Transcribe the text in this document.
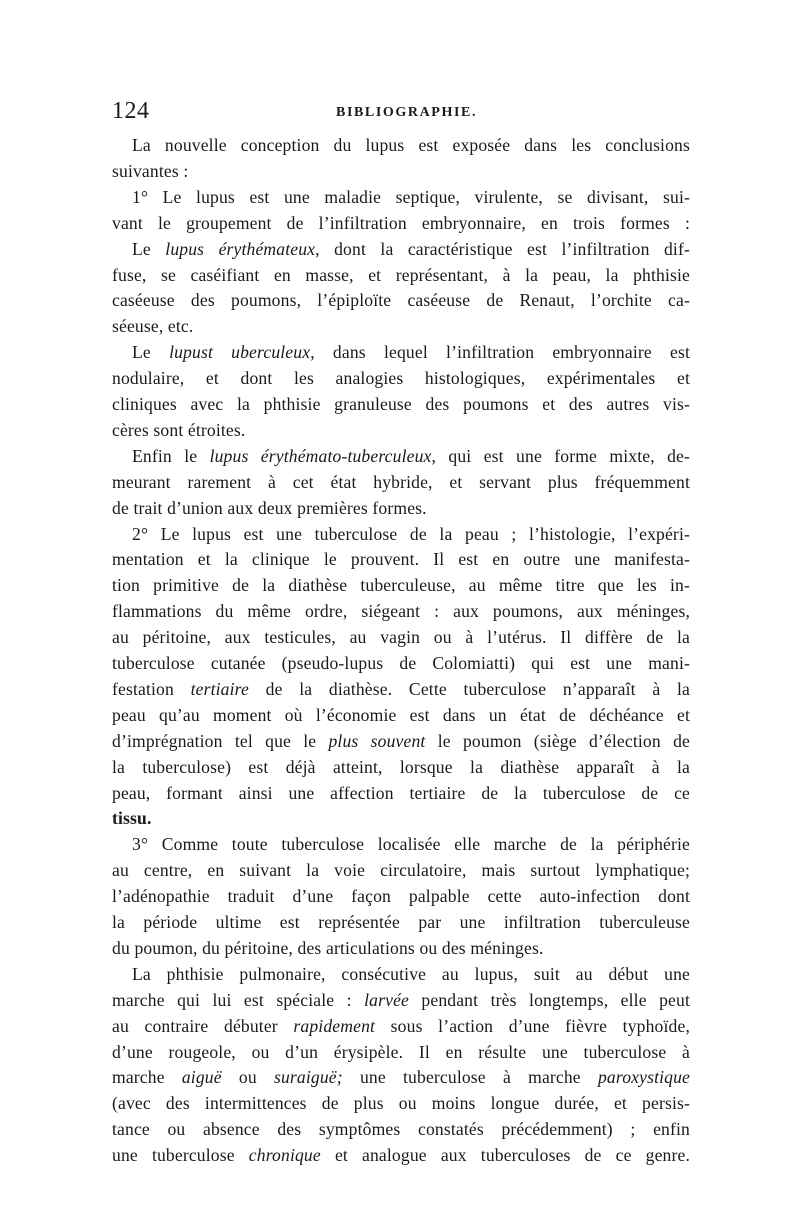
124	BIBLIOGRAPHIE.
La nouvelle conception du lupus est exposée dans les conclusions
suivantes :
1° Le lupus est une maladie septique, virulente, se divisant, sui-
vant le groupement de l’infiltration embryonnaire, en trois formes :
Le lupus érythémateux, dont la caractéristique est l’infiltration dif-
fuse, se caséifiant en masse, et représentant, à la peau, la phthisie
caséeuse des poumons, l’épiploïte caséeuse de Renaut, l’orchite ca-
séeuse, etc.
Le lupust uberculeux, dans lequel l’infiltration embryonnaire est
nodulaire, et dont les analogies histologiques, expérimentales et
cliniques avec la phthisie granuleuse des poumons et des autres vis-
cères sont étroites.
Enfin le lupus érythémato-tuberculeux, qui est une forme mixte, de-
meurant rarement à cet état hybride, et servant plus fréquemment
de trait d’union aux deux premières formes.
2° Le lupus est une tuberculose de la peau ; l’histologie, l’expéri-
mentation et la clinique le prouvent. Il est en outre une manifesta-
tion primitive de la diathèse tuberculeuse, au même titre que les in-
flammations du même ordre, siégeant : aux poumons, aux méninges,
au péritoine, aux testicules, au vagin ou à l’utérus. Il diffère de la
tuberculose cutanée (pseudo-lupus de Colomiatti) qui est une mani-
festation tertiaire de la diathèse. Cette tuberculose n’apparaît à la
peau qu’au moment où l’économie est dans un état de déchéance et
d’imprégnation tel que le plus souvent le poumon (siège d’élection de
la tuberculose) est déjà atteint, lorsque la diathèse apparaît à la
peau, formant ainsi une affection tertiaire de la tuberculose de ce
tissu.
3° Comme toute tuberculose localisée elle marche de la périphérie
au centre, en suivant la voie circulatoire, mais surtout lymphatique;
l’adénopathie traduit d’une façon palpable cette auto-infection dont
la période ultime est représentée par une infiltration tuberculeuse
du poumon, du péritoine, des articulations ou des méninges.
La phthisie pulmonaire, consécutive au lupus, suit au début une
marche qui lui est spéciale : larvée pendant très longtemps, elle peut
au contraire débuter rapidement sous l’action d’une fièvre typhoïde,
d’une rougeole, ou d’un érysipèle. Il en résulte une tuberculose à
marche aiguë ou suraiguë; une tuberculose à marche paroxystique
(avec des intermittences de plus ou moins longue durée, et persis-
tance ou absence des symptômes constatés précédemment) ; enfin
une tuberculose chronique et analogue aux tuberculoses de ce genre.
